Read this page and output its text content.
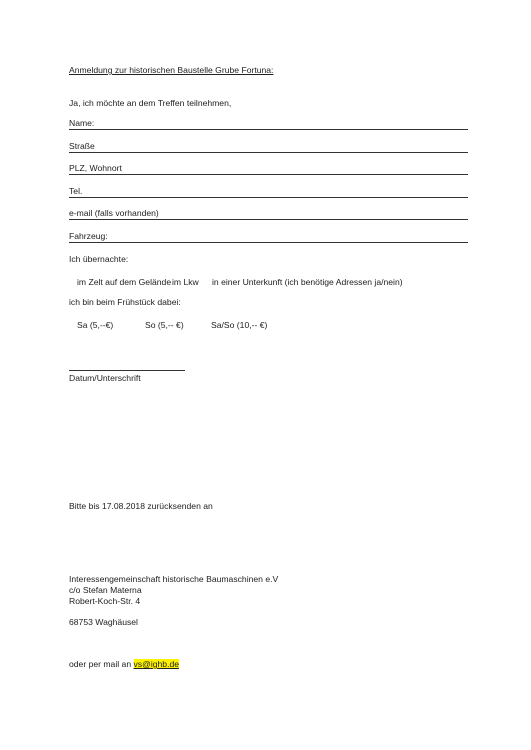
Anmeldung zur historischen Baustelle Grube Fortuna:
Ja, ich möchte an dem Treffen teilnehmen,
Name:
Straße
PLZ, Wohnort
Tel.
e-mail (falls vorhanden)
Fahrzeug:
Ich übernachte:
im Zelt auf dem Gelände im Lkw in einer Unterkunft (ich benötige Adressen ja/nein)
ich bin beim Frühstück dabei:
Sa (5,--€)	So (5,-- €)	Sa/So (10,-- €)
Datum/Unterschrift
Bitte bis 17.08.2018 zurücksenden an
Interessengemeinschaft historische Baumaschinen e.V
c/o Stefan Materna
Robert-Koch-Str. 4
68753 Waghäusel
oder per mail an vs@ighb.de
